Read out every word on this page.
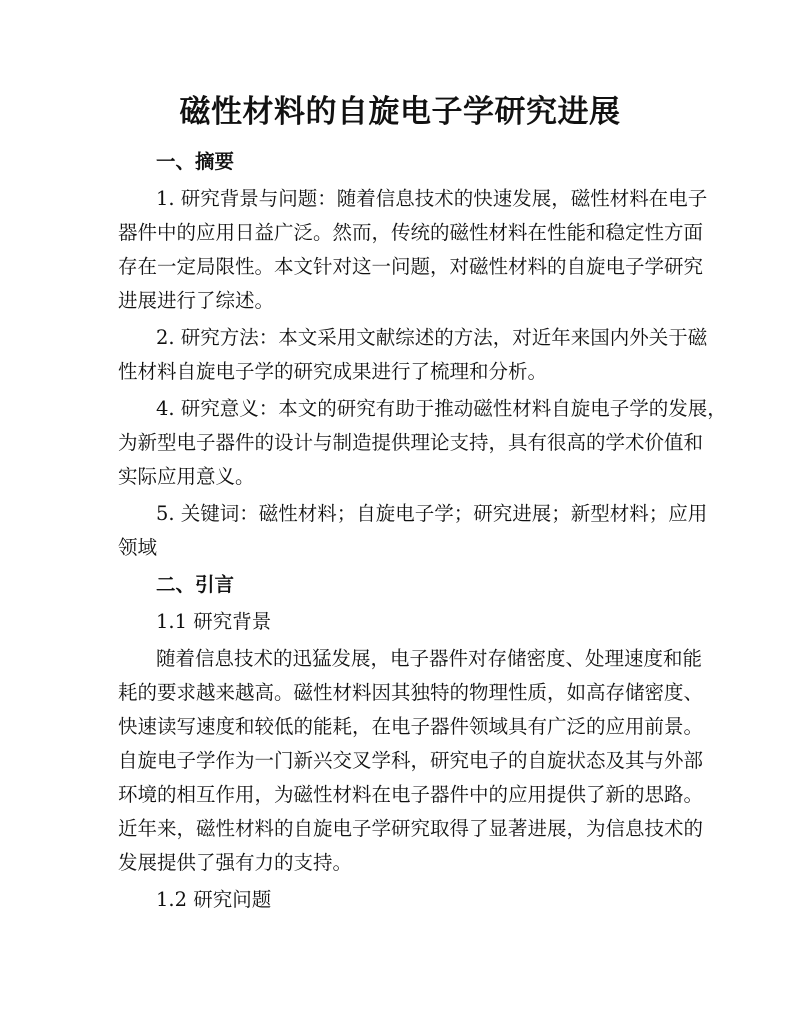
磁性材料的自旋电子学研究进展

一、摘要

1. 研究背景与问题：随着信息技术的快速发展，磁性材料在电子
器件中的应用日益广泛。然而，传统的磁性材料在性能和稳定性方面
存在一定局限性。本文针对这一问题，对磁性材料的自旋电子学研究
进展进行了综述。

2. 研究方法：本文采用文献综述的方法，对近年来国内外关于磁
性材料自旋电子学的研究成果进行了梳理和分析。

4. 研究意义：本文的研究有助于推动磁性材料自旋电子学的发展，
为新型电子器件的设计与制造提供理论支持，具有很高的学术价值和
实际应用意义。

5. 关键词：磁性材料；自旋电子学；研究进展；新型材料；应用
领域

二、引言

1.1 研究背景

随着信息技术的迅猛发展，电子器件对存储密度、处理速度和能
耗的要求越来越高。磁性材料因其独特的物理性质，如高存储密度、
快速读写速度和较低的能耗，在电子器件领域具有广泛的应用前景。
自旋电子学作为一门新兴交叉学科，研究电子的自旋状态及其与外部
环境的相互作用，为磁性材料在电子器件中的应用提供了新的思路。
近年来，磁性材料的自旋电子学研究取得了显著进展，为信息技术的
发展提供了强有力的支持。

1.2 研究问题
